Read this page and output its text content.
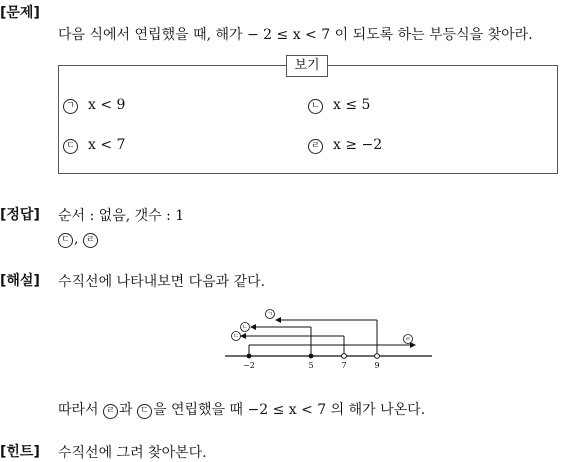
[문제]
다음 식에서 연립했을 때, 해가 − 2 ≤ x < 7 이 되도록 하는 부등식을 찾아라.
보기
ㄱ x < 9	ㄴ x ≤ 5
ㄷ x < 7	ㄹ x ≥ −2
[정답] 순서 : 없음, 갯수 : 1
ㄷ , ㄹ
[해설] 수직선에 나타내보면 다음과 같다.
ㄱ
ㄴ
ㄷ	ㄹ
−2	5	7	9
따라서 ㄹ 과 ㄷ 을 연립했을 때 −2 ≤ x < 7 의 해가 나온다.
[힌트] 수직선에 그려 찾아본다.
